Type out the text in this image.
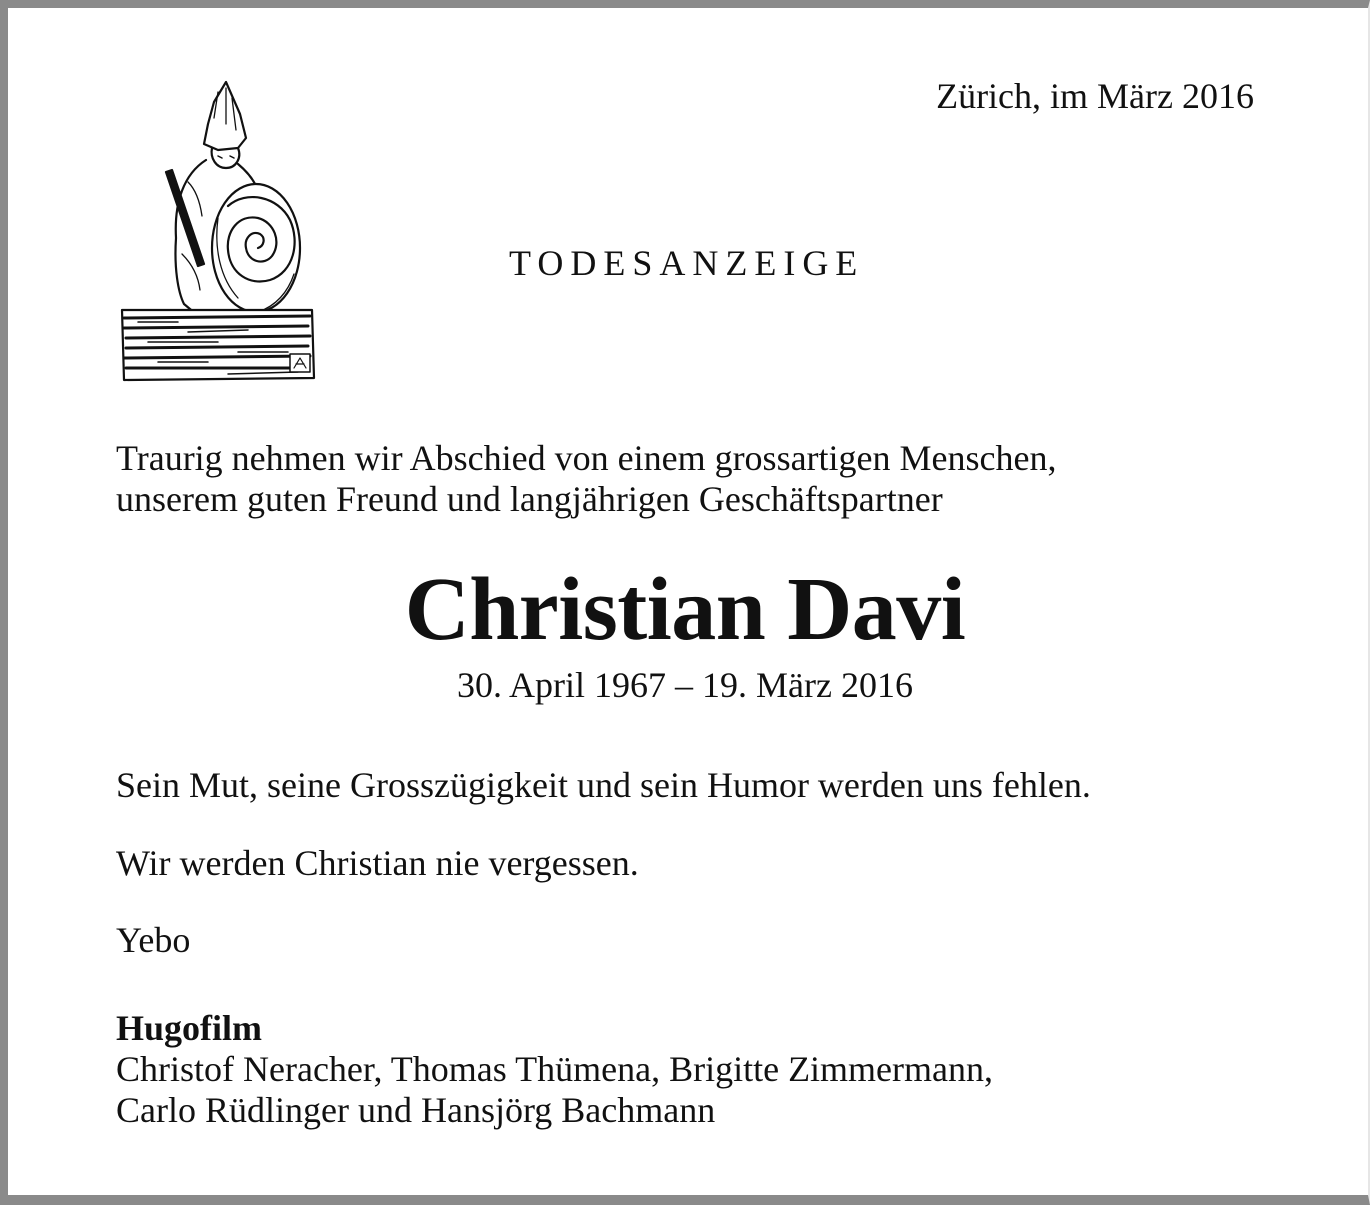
Zürich, im März 2016
TODESANZEIGE
Traurig nehmen wir Abschied von einem grossartigen Menschen,
unserem guten Freund und langjährigen Geschäftspartner
Christian Davi
30. April 1967 – 19. März 2016
Sein Mut, seine Grosszügigkeit und sein Humor werden uns fehlen.
Wir werden Christian nie vergessen.
Yebo
Hugofilm
Christof Neracher, Thomas Thümena, Brigitte Zimmermann,
Carlo Rüdlinger und Hansjörg Bachmann
